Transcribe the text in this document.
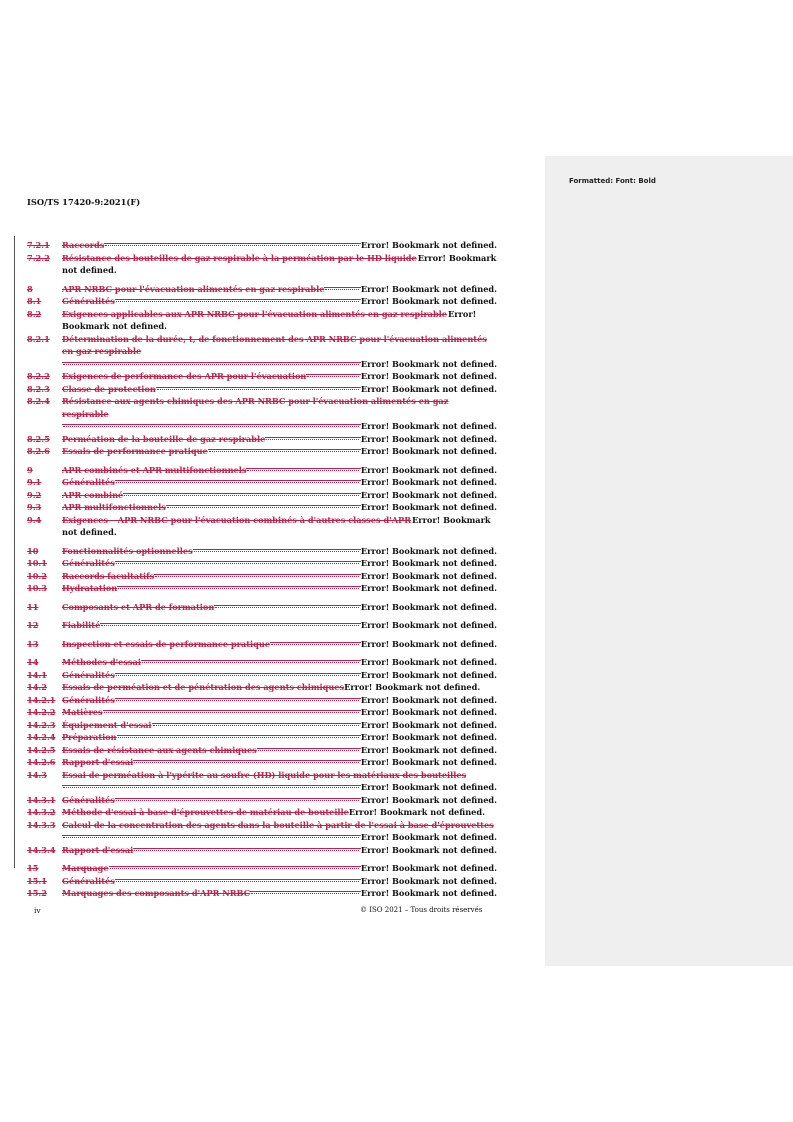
Formatted: Font: Bold
ISO/TS 17420-9:2021(F)
7.2.1	Raccords	Error! Bookmark not defined.
7.2.2	Résistance des bouteilles de gaz respirable à la perméation par le HD liquideError! Bookmark not defined.
8	APR NRBC pour l'évacuation alimentés en gaz respirable	Error! Bookmark not defined.
8.1	Généralités	Error! Bookmark not defined.
8.2	Exigences applicables aux APR NRBC pour l'évacuation alimentés en gaz respirableError! Bookmark not defined.
8.2.1	Détermination de la durée, t, de fonctionnement des APR NRBC pour l'évacuation alimentés en gaz respirable
Error! Bookmark not defined.
8.2.2	Exigences de performance des APR pour l'évacuation	Error! Bookmark not defined.
8.2.3	Classe de protection	Error! Bookmark not defined.
8.2.4	Résistance aux agents chimiques des APR NRBC pour l'évacuation alimentés en gaz respirable
Error! Bookmark not defined.
8.2.5	Perméation de la bouteille de gaz respirable	Error! Bookmark not defined.
8.2.6	Essais de performance pratique	Error! Bookmark not defined.
9	APR combinés et APR multifonctionnels	Error! Bookmark not defined.
9.1	Généralités	Error! Bookmark not defined.
9.2	APR combiné	Error! Bookmark not defined.
9.3	APR multifonctionnels	Error! Bookmark not defined.
9.4	Exigences – APR NRBC pour l'évacuation combinés à d'autres classes d'APRError! Bookmark not defined.
10	Fonctionnalités optionnelles	Error! Bookmark not defined.
10.1	Généralités	Error! Bookmark not defined.
10.2	Raccords facultatifs	Error! Bookmark not defined.
10.3	Hydratation	Error! Bookmark not defined.
11	Composants et APR de formation	Error! Bookmark not defined.
12	Fiabilité	Error! Bookmark not defined.
13	Inspection et essais de performance pratique	Error! Bookmark not defined.
14	Méthodes d'essai	Error! Bookmark not defined.
14.1	Généralités	Error! Bookmark not defined.
14.2	Essais de perméation et de pénétration des agents chimiques Error! Bookmark not defined.
14.2.1 Généralités	Error! Bookmark not defined.
14.2.2 Matières	Error! Bookmark not defined.
14.2.3 Équipement d'essai	Error! Bookmark not defined.
14.2.4 Préparation	Error! Bookmark not defined.
14.2.5 Essais de résistance aux agents chimiques	Error! Bookmark not defined.
14.2.6 Rapport d'essai	Error! Bookmark not defined.
14.3	Essai de perméation à l'ypérite au soufre (HD) liquide pour les matériaux des bouteilles
Error! Bookmark not defined.
14.3.1 Généralités	Error! Bookmark not defined.
14.3.2 Méthode d'essai à base d'éprouvettes de matériau de bouteille Error! Bookmark not defined.
14.3.3 Calcul de la concentration des agents dans la bouteille à partir de l'essai à base d'éprouvettes
Error! Bookmark not defined.
14.3.4 Rapport d'essai	Error! Bookmark not defined.
15	Marquage	Error! Bookmark not defined.
15.1	Généralités	Error! Bookmark not defined.
15.2	Marquages des composants d'APR NRBC	Error! Bookmark not defined.
iv	© ISO 2021 – Tous droits réservés
